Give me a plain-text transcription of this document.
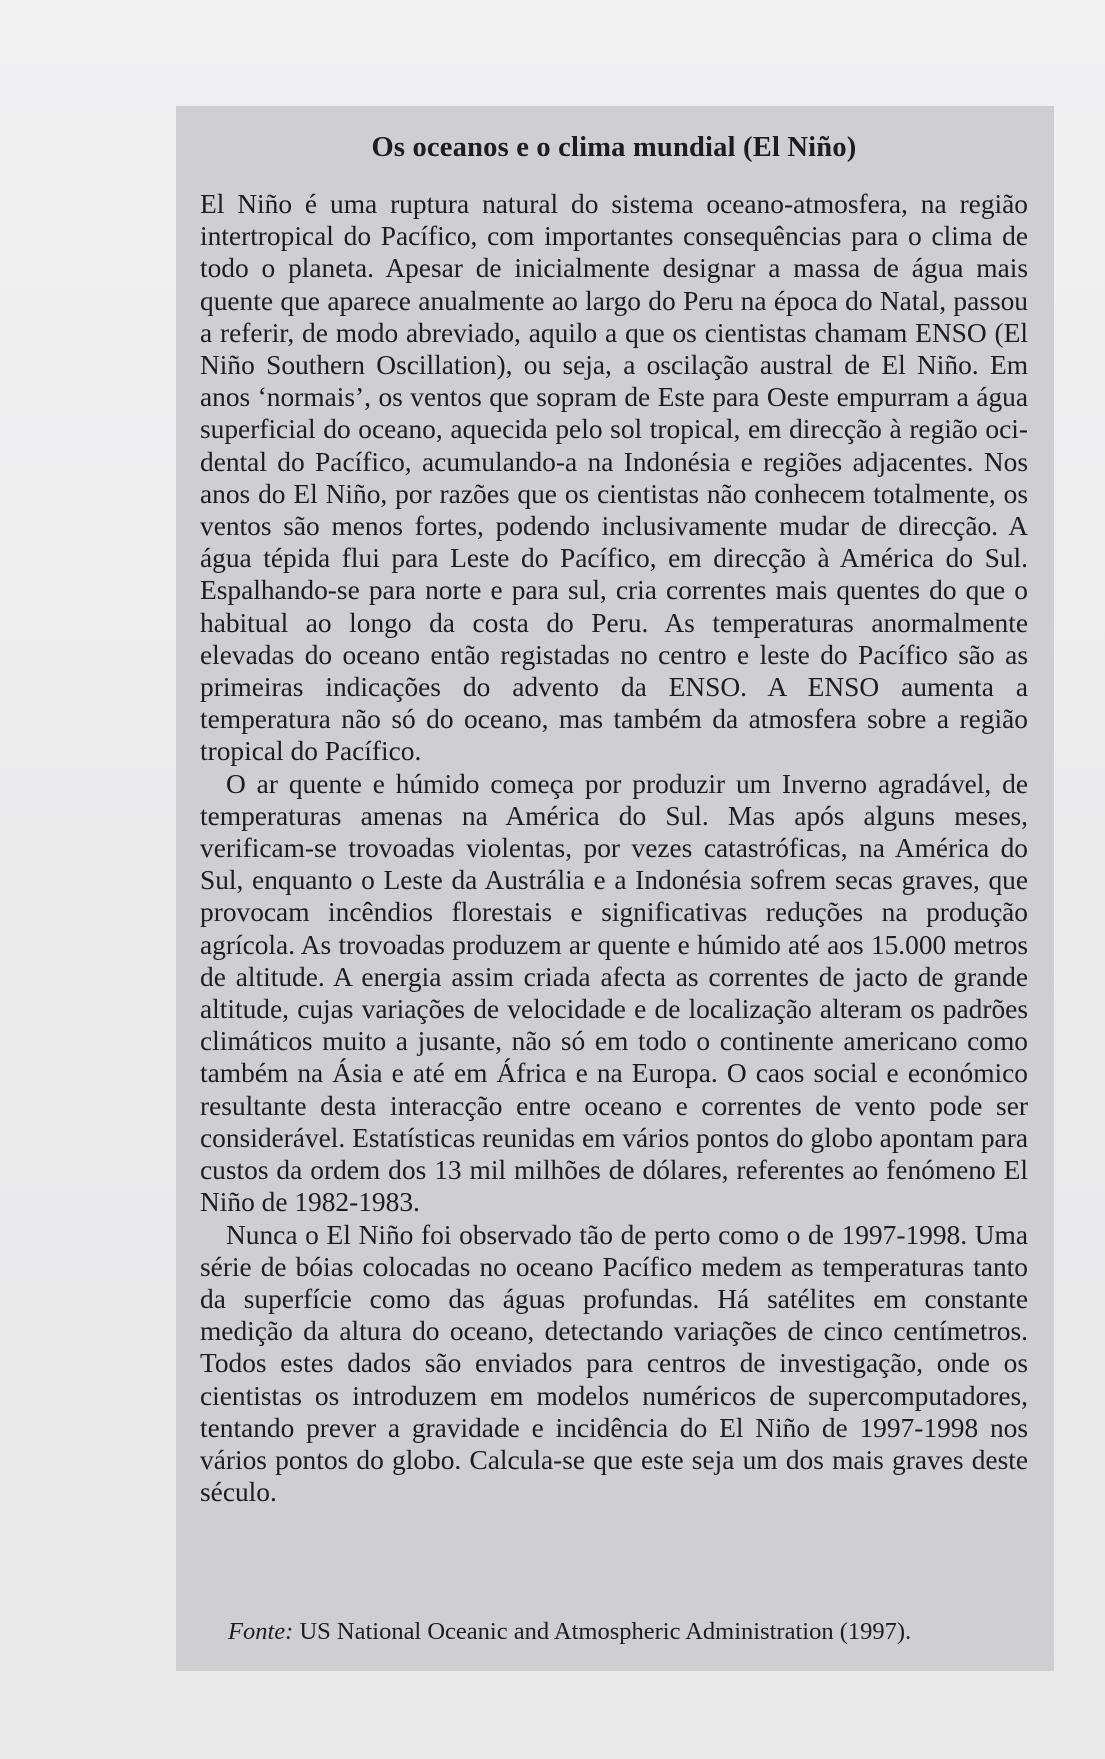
Os oceanos e o clima mundial (El Niño)

El Niño é uma ruptura natural do sistema oceano-atmosfera, na região intertropical do Pacífico, com importantes consequências para o clima de todo o planeta. Apesar de inicialmente designar a massa de água mais quente que aparece anualmente ao largo do Peru na época do Natal, passou a referir, de modo abreviado, aquilo a que os cientistas chamam ENSO (El Niño Southern Oscillation), ou seja, a oscilação austral de El Niño. Em anos ‘normais’, os ventos que sopram de Este para Oeste empurram a água superficial do oceano, aquecida pelo sol tropical, em direcção à região ocidental do Pacífico, acumulando-a na Indonésia e regiões adjacentes. Nos anos do El Niño, por razões que os cientistas não conhecem totalmente, os ventos são menos fortes, podendo inclusivamente mudar de direcção. A água tépida flui para Leste do Pacífico, em direcção à América do Sul. Espalhando-se para norte e para sul, cria correntes mais quentes do que o habitual ao longo da costa do Peru. As temperaturas anormalmente elevadas do oceano então registadas no centro e leste do Pacífico são as primeiras indicações do advento da ENSO. A ENSO aumenta a temperatura não só do oceano, mas também da atmosfera sobre a região tropical do Pacífico.

O ar quente e húmido começa por produzir um Inverno agradável, de temperaturas amenas na América do Sul. Mas após alguns meses, verificam-se trovoadas violentas, por vezes catastróficas, na América do Sul, enquanto o Leste da Austrália e a Indonésia sofrem secas graves, que provocam incêndios florestais e significativas reduções na produção agrícola. As trovoadas produzem ar quente e húmido até aos 15.000 metros de altitude. A energia assim criada afecta as correntes de jacto de grande altitude, cujas variações de velocidade e de localização alteram os padrões climáticos muito a jusante, não só em todo o continente americano como também na Ásia e até em África e na Europa. O caos social e económico resultante desta interacção entre oceano e correntes de vento pode ser considerável. Estatísticas reunidas em vários pontos do globo apontam para custos da ordem dos 13 mil milhões de dólares, referentes ao fenómeno El Niño de 1982-1983.

Nunca o El Niño foi observado tão de perto como o de 1997-1998. Uma série de bóias colocadas no oceano Pacífico medem as temperaturas tanto da superfície como das águas profundas. Há satélites em constante medição da altura do oceano, detectando variações de cinco centímetros. Todos estes dados são enviados para centros de investigação, onde os cientistas os introduzem em modelos numéricos de supercomputadores, tentando prever a gravidade e incidência do El Niño de 1997-1998 nos vários pontos do globo. Calcula-se que este seja um dos mais graves deste século.

Fonte: US National Oceanic and Atmospheric Administration (1997).
